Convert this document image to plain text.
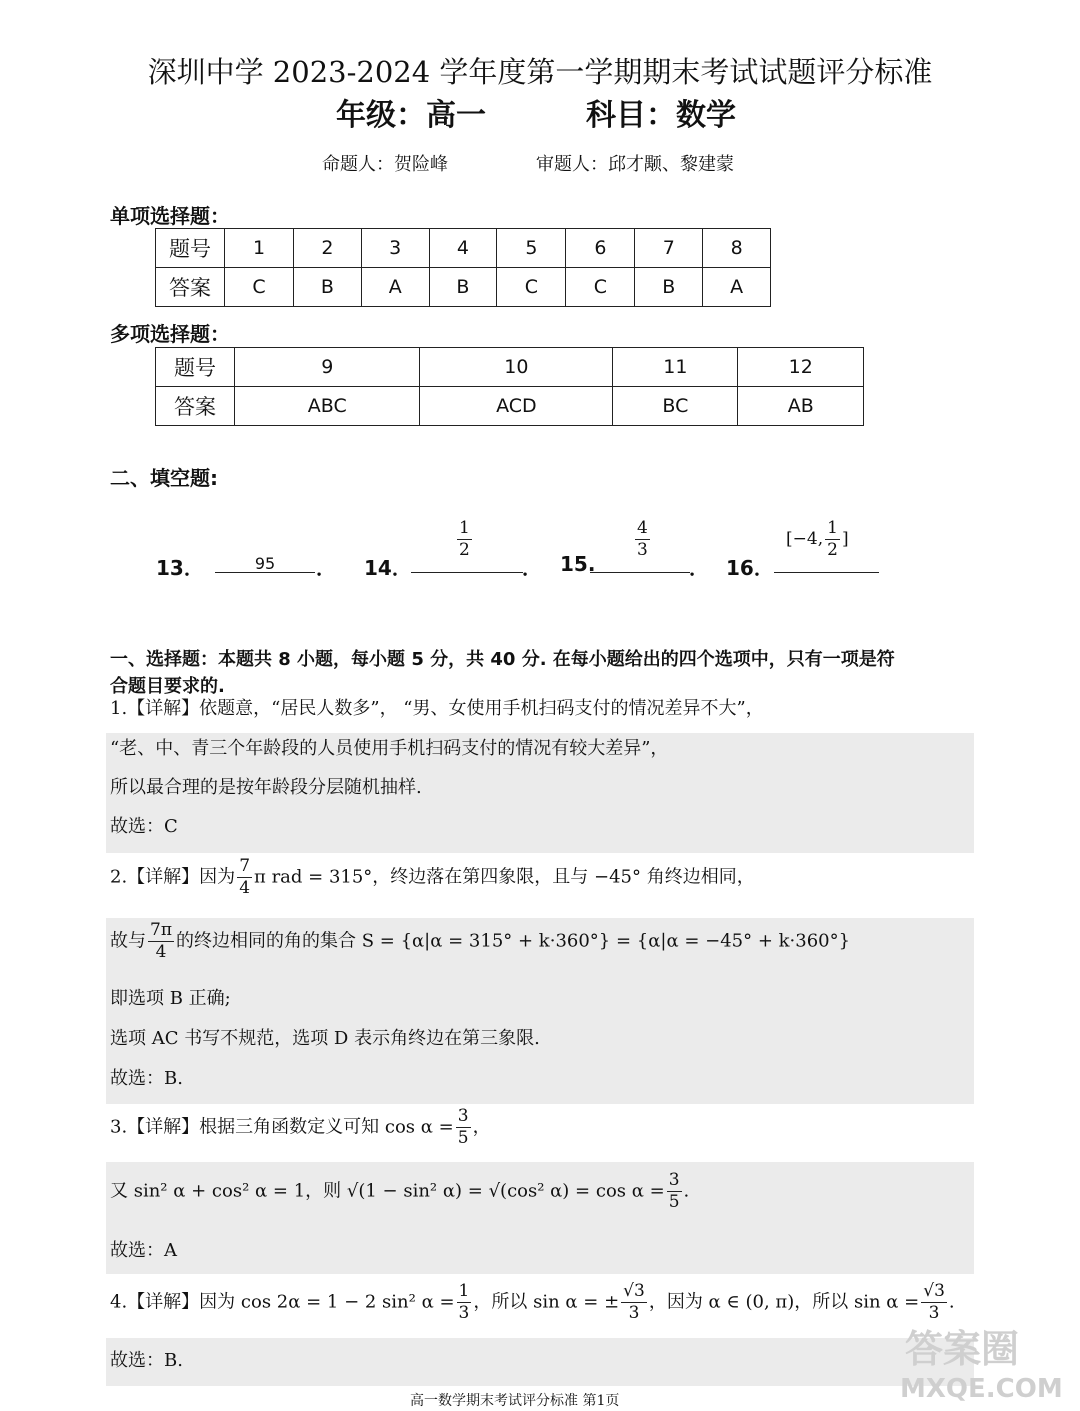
深圳中学 2023-2024 学年度第一学期期末考试试题评分标准
年级：高一	科目：数学
命题人：贺险峰	审题人：邱才颙、黎建蒙
单项选择题：
题号	1	2	3	4	5	6	7	8
答案	C	B	A	B	C	C	B	A
多项选择题：
题号	9	10	11	12
答案	ABC	ACD	BC	AB
二、填空题:
13．	95	． 14．
$\frac{1}{2}$
． 15.
$\frac{4}{3}$
． 16．
[−4, $\frac{1}{2}$ ]
一、选择题：本题共 8 小题，每小题 5 分，共 40 分. 在每小题给出的四个选项中，只有一项是符
合题目要求的.
1.【详解】依题意，“居民人数多”， “男、女使用手机扫码支付的情况差异不大”，
“老、中、青三个年龄段的人员使用手机扫码支付的情况有较大差异”，
所以最合理的是按年龄段分层随机抽样.
故选：C
2.【详解】因为 $\frac{7}{4}$ π rad = 315°，终边落在第四象限，且与 −45° 角终边相同，
故与 $\frac{7\pi}{4}$ 的终边相同的角的集合 S = {α|α = 315° + k·360°} = {α|α = −45° + k·360°}
即选项 B 正确;
选项 AC 书写不规范，选项 D 表示角终边在第三象限.
故选：B.
3.【详解】根据三角函数定义可知 $\cos \alpha = \frac{3}{5}$ ，
又 sin² α + cos² α = 1，则 √(1 − sin² α) = √(cos² $\alpha) = \cos \alpha = \frac{3}{5}$ .
故选：A
4.【详解】因为 cos 2α = 1 − 2 sin² $\alpha = \frac{1}{3}$ ，所以 sin α = ± $\frac{√3}{3}$ ，因为 α ∈ (0, π)，所以 $\sin \alpha = \frac{√3}{3}$ .
故选：B.
高一数学期末考试评分标准 第1页
答案圈
MXQE.COM
